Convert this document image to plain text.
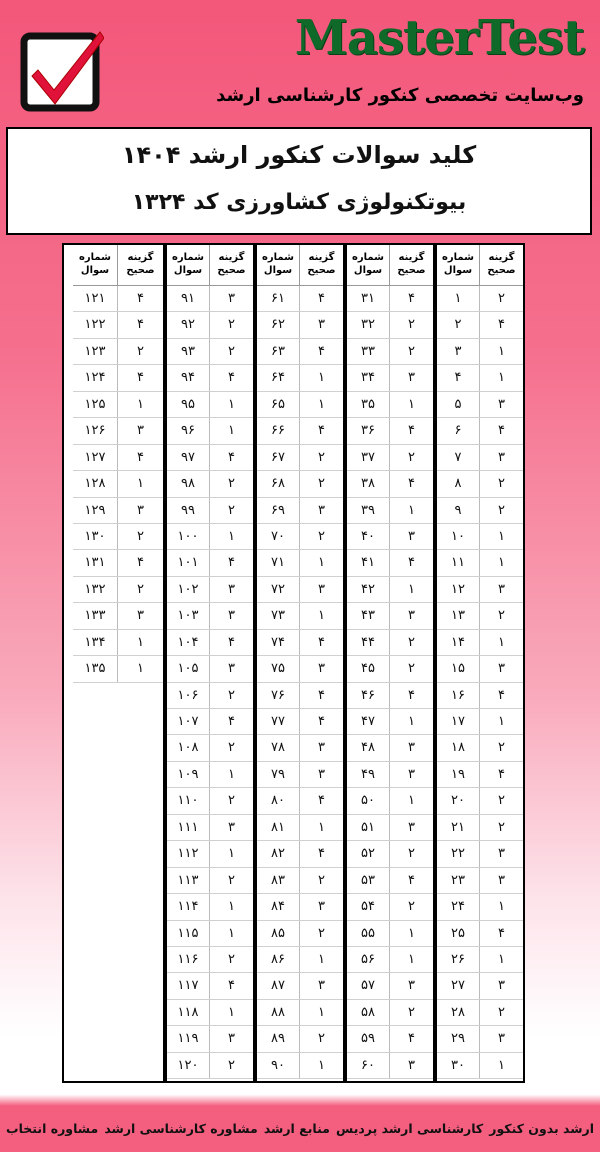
MasterTest
وب‌سایت تخصصی کنکور کارشناسی ارشد
کلید سوالات کنکور ارشد ۱۴۰۴
بیوتکنولوژی کشاورزی کد ۱۳۲۴
گزینه صحیح
شماره سوال
۲
۱
۴
۲
۱
۳
۱
۴
۳
۵
۴
۶
۳
۷
۲
۸
۲
۹
۱
۱۰
۱
۱۱
۳
۱۲
۲
۱۳
۱
۱۴
۳
۱۵
۴
۱۶
۱
۱۷
۲
۱۸
۴
۱۹
۲
۲۰
۲
۲۱
۳
۲۲
۳
۲۳
۱
۲۴
۴
۲۵
۱
۲۶
۳
۲۷
۲
۲۸
۳
۲۹
۱
۳۰
گزینه صحیح
شماره سوال
۴
۳۱
۲
۳۲
۲
۳۳
۳
۳۴
۱
۳۵
۴
۳۶
۲
۳۷
۴
۳۸
۱
۳۹
۳
۴۰
۴
۴۱
۱
۴۲
۳
۴۳
۲
۴۴
۲
۴۵
۴
۴۶
۱
۴۷
۳
۴۸
۳
۴۹
۱
۵۰
۳
۵۱
۲
۵۲
۴
۵۳
۲
۵۴
۱
۵۵
۱
۵۶
۳
۵۷
۲
۵۸
۴
۵۹
۳
۶۰
گزینه صحیح
شماره سوال
۴
۶۱
۳
۶۲
۴
۶۳
۱
۶۴
۱
۶۵
۴
۶۶
۲
۶۷
۲
۶۸
۳
۶۹
۲
۷۰
۱
۷۱
۳
۷۲
۱
۷۳
۴
۷۴
۳
۷۵
۴
۷۶
۴
۷۷
۳
۷۸
۳
۷۹
۴
۸۰
۱
۸۱
۴
۸۲
۲
۸۳
۳
۸۴
۲
۸۵
۱
۸۶
۳
۸۷
۱
۸۸
۲
۸۹
۱
۹۰
گزینه صحیح
شماره سوال
۳
۹۱
۲
۹۲
۲
۹۳
۴
۹۴
۱
۹۵
۱
۹۶
۴
۹۷
۲
۹۸
۲
۹۹
۱
۱۰۰
۴
۱۰۱
۳
۱۰۲
۳
۱۰۳
۴
۱۰۴
۳
۱۰۵
۲
۱۰۶
۴
۱۰۷
۲
۱۰۸
۱
۱۰۹
۲
۱۱۰
۳
۱۱۱
۱
۱۱۲
۲
۱۱۳
۱
۱۱۴
۱
۱۱۵
۲
۱۱۶
۴
۱۱۷
۱
۱۱۸
۳
۱۱۹
۲
۱۲۰
گزینه صحیح
شماره سوال
۴
۱۲۱
۴
۱۲۲
۲
۱۲۳
۴
۱۲۴
۱
۱۲۵
۳
۱۲۶
۴
۱۲۷
۱
۱۲۸
۳
۱۲۹
۲
۱۳۰
۴
۱۳۱
۲
۱۳۲
۳
۱۳۳
۱
۱۳۴
۱
۱۳۵
ارشد بدون کنکور
کارشناسی ارشد پردیس
منابع ارشد
مشاوره کارشناسی ارشد
مشاوره انتخاب
